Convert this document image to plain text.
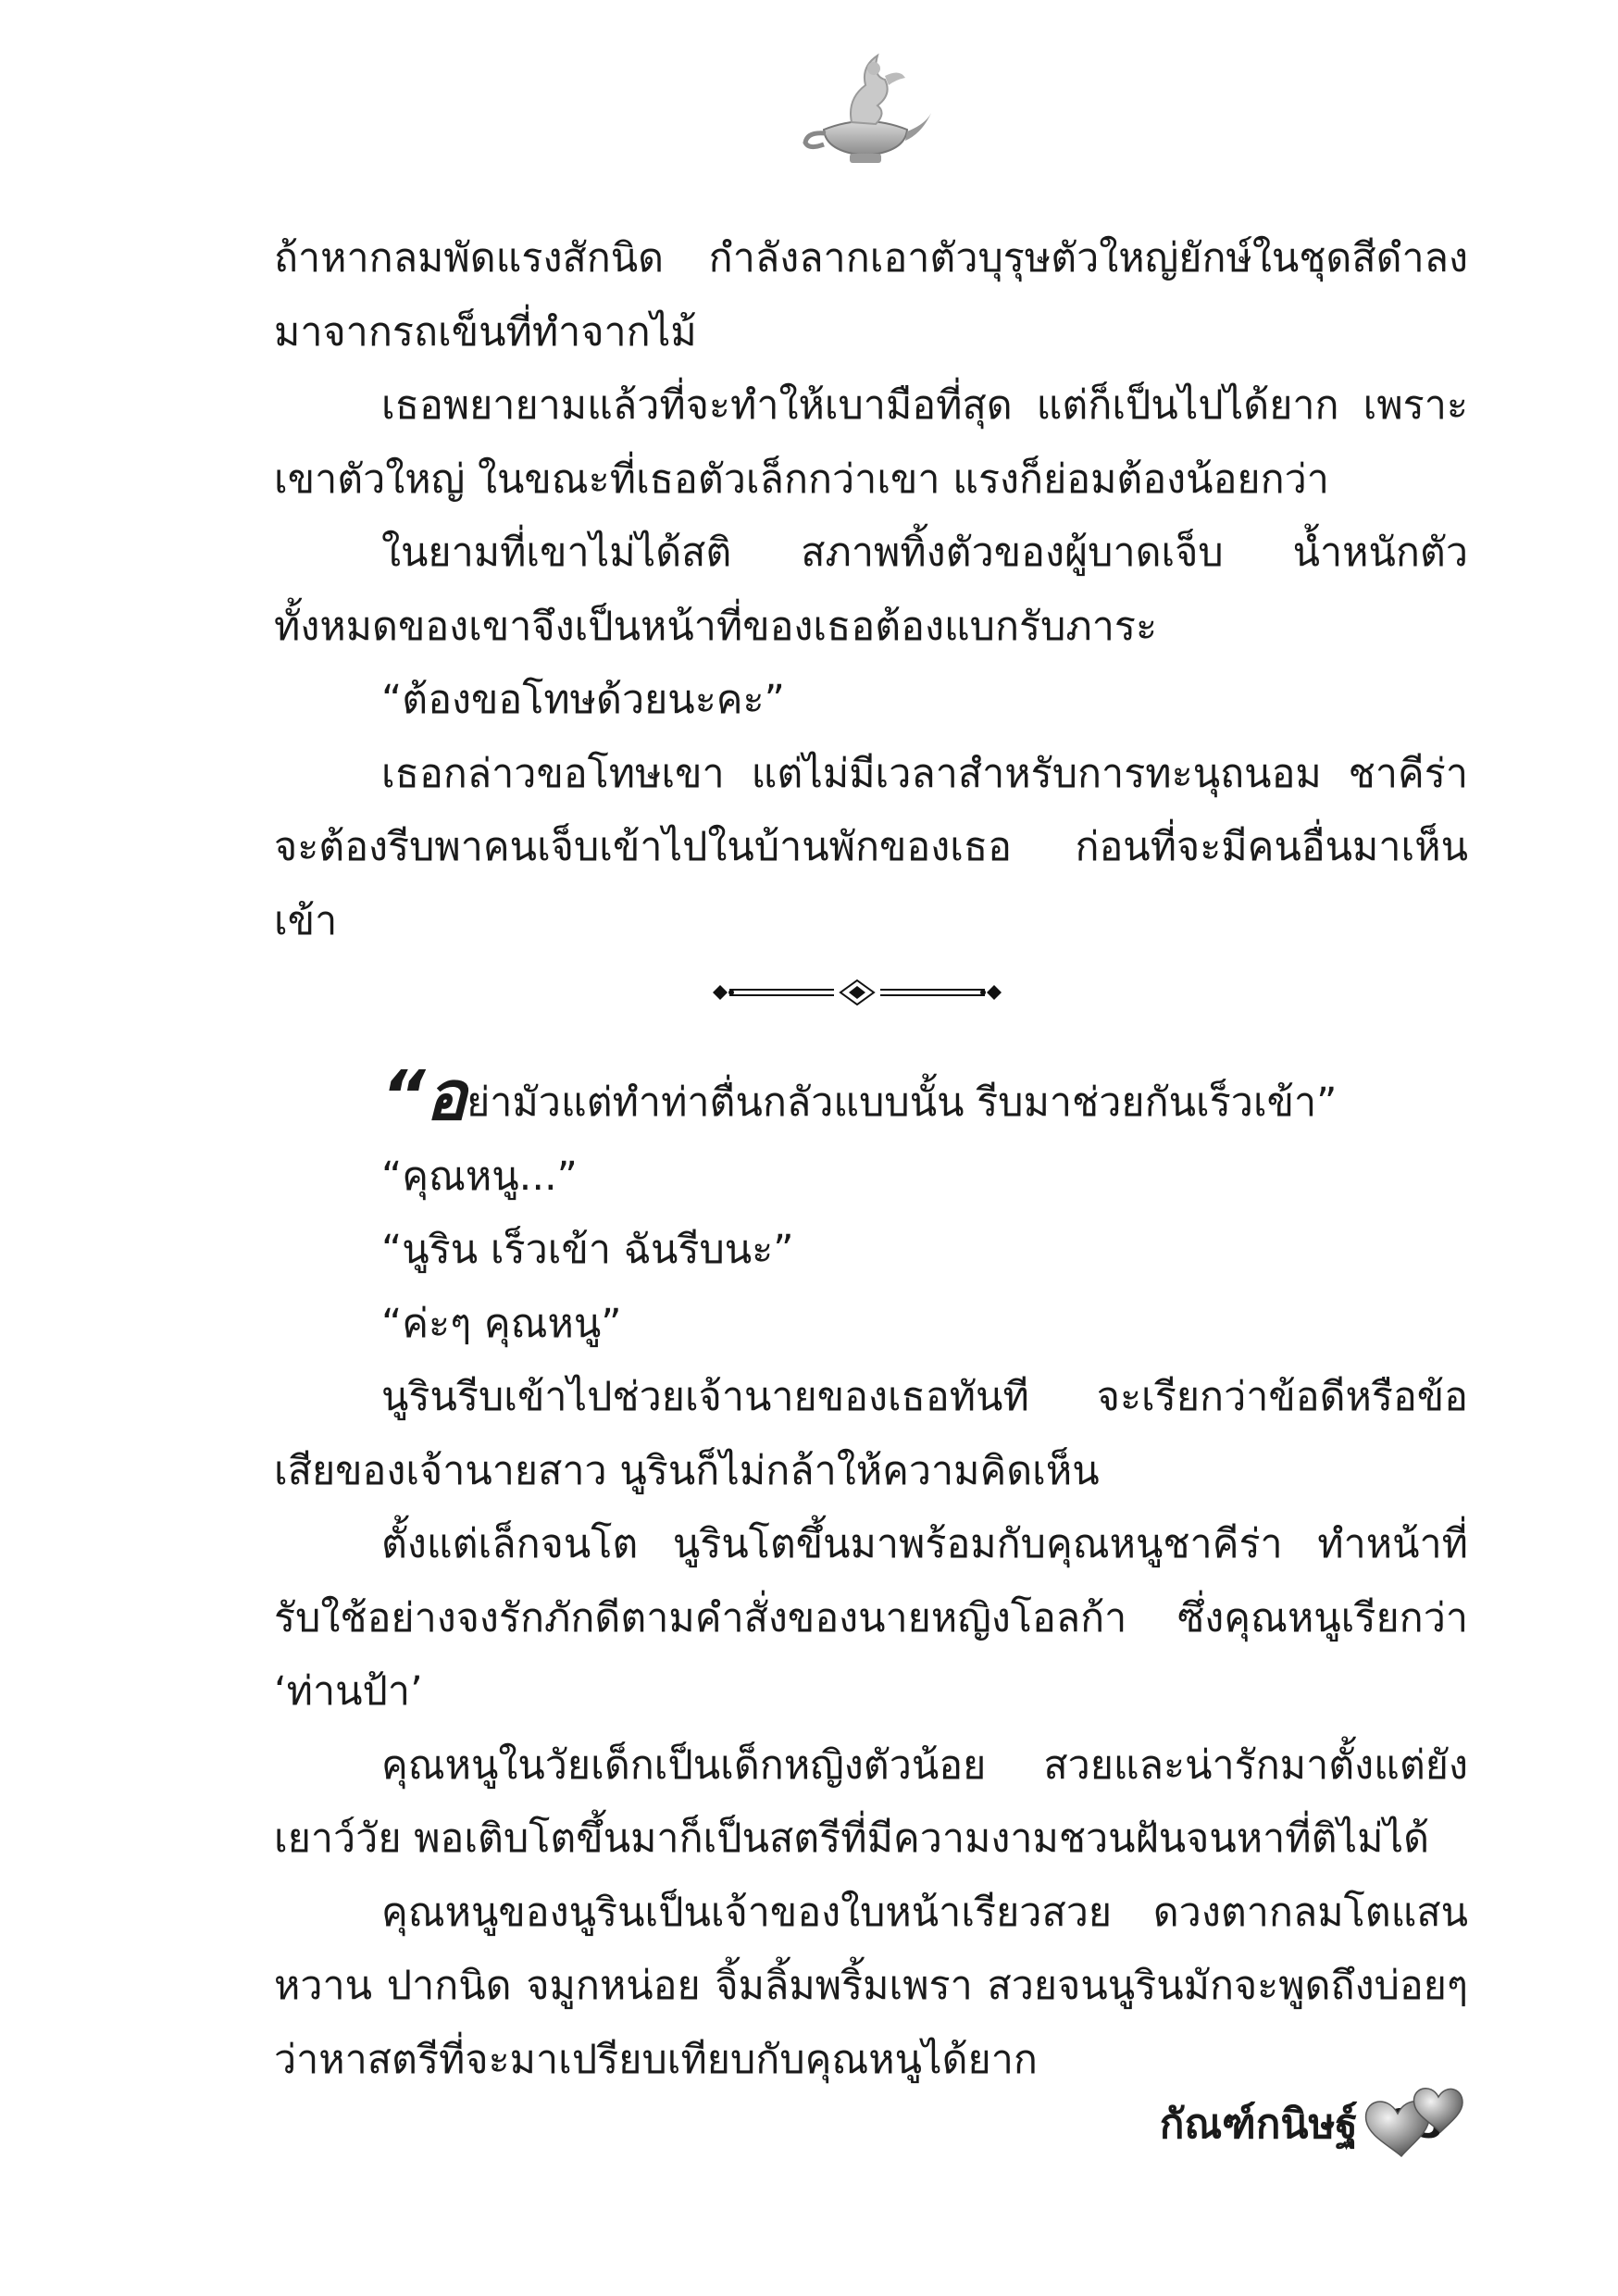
ถ้าหากลมพัดแรงสักนิด กำลังลากเอาตัวบุรุษตัวใหญ่ยักษ์ในชุดสีดำลงมาจากรถเข็นที่ทำจากไม้

เธอพยายามแล้วที่จะทำให้เบามือที่สุด แต่ก็เป็นไปได้ยาก เพราะเขาตัวใหญ่ ในขณะที่เธอตัวเล็กกว่าเขา แรงก็ย่อมต้องน้อยกว่า

ในยามที่เขาไม่ได้สติ สภาพทิ้งตัวของผู้บาดเจ็บ น้ำหนักตัวทั้งหมดของเขาจึงเป็นหน้าที่ของเธอต้องแบกรับภาระ

“ต้องขอโทษด้วยนะคะ”

เธอกล่าวขอโทษเขา แต่ไม่มีเวลาสำหรับการทะนุถนอม ชาคีร่าจะต้องรีบพาคนเจ็บเข้าไปในบ้านพักของเธอ ก่อนที่จะมีคนอื่นมาเห็นเข้า

“อย่ามัวแต่ทำท่าตื่นกลัวแบบนั้น รีบมาช่วยกันเร็วเข้า”

“คุณหนู...”

“นูริน เร็วเข้า ฉันรีบนะ”

“ค่ะๆ คุณหนู”

นูรินรีบเข้าไปช่วยเจ้านายของเธอทันที จะเรียกว่าข้อดีหรือข้อเสียของเจ้านายสาว นูรินก็ไม่กล้าให้ความคิดเห็น

ตั้งแต่เล็กจนโต นูรินโตขึ้นมาพร้อมกับคุณหนูชาคีร่า ทำหน้าที่รับใช้อย่างจงรักภักดีตามคำสั่งของนายหญิงโอลก้า ซึ่งคุณหนูเรียกว่า ‘ท่านป้า’

คุณหนูในวัยเด็กเป็นเด็กหญิงตัวน้อย สวยและน่ารักมาตั้งแต่ยังเยาว์วัย พอเติบโตขึ้นมาก็เป็นสตรีที่มีความงามชวนฝันจนหาที่ติไม่ได้

คุณหนูของนูรินเป็นเจ้าของใบหน้าเรียวสวย ดวงตากลมโตแสนหวาน ปากนิด จมูกหน่อย จิ้มลิ้มพริ้มเพรา สวยจนนูรินมักจะพูดถึงบ่อยๆ ว่าหาสตรีที่จะมาเปรียบเทียบกับคุณหนูได้ยาก

กัณฑ์กนิษฐ์
